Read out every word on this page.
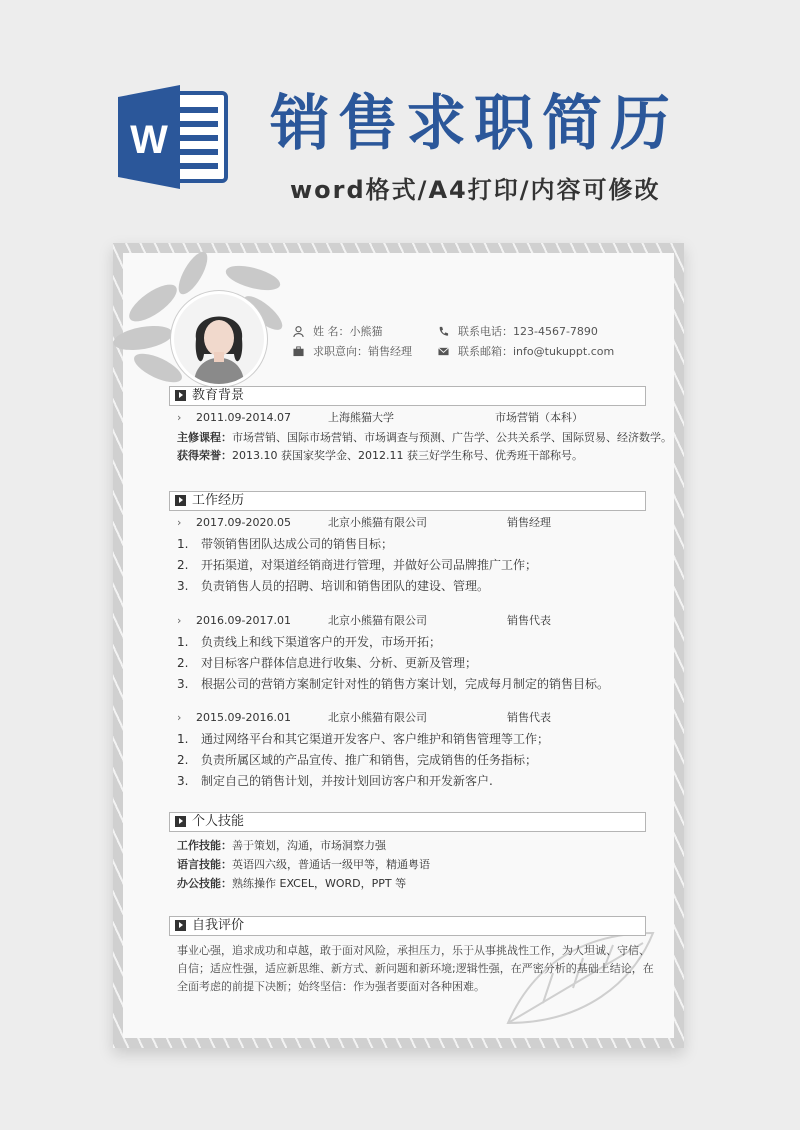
W 销售求职简历
word格式/A4打印/内容可修改
姓 名：小熊猫
求职意向：销售经理
联系电话：123-4567-7890
联系邮箱：info@tukuppt.com
教育背景
› 2011.09-2014.07	上海熊猫大学	市场营销（本科）
主修课程：市场营销、国际市场营销、市场调查与预测、广告学、公共关系学、国际贸易、经济数学。
获得荣誉：2013.10 获国家奖学金、2012.11 获三好学生称号、优秀班干部称号。
工作经历
› 2017.09-2020.05	北京小熊猫有限公司	销售经理
1. 带领销售团队达成公司的销售目标；
2. 开拓渠道，对渠道经销商进行管理，并做好公司品牌推广工作；
3. 负责销售人员的招聘、培训和销售团队的建设、管理。
› 2016.09-2017.01	北京小熊猫有限公司	销售代表
1. 负责线上和线下渠道客户的开发，市场开拓；
2. 对目标客户群体信息进行收集、分析、更新及管理；
3. 根据公司的营销方案制定针对性的销售方案计划，完成每月制定的销售目标。
› 2015.09-2016.01	北京小熊猫有限公司	销售代表
1. 通过网络平台和其它渠道开发客户、客户维护和销售管理等工作；
2. 负责所属区域的产品宣传、推广和销售，完成销售的任务指标；
3. 制定自己的销售计划，并按计划回访客户和开发新客户.
个人技能
工作技能：善于策划，沟通，市场洞察力强
语言技能：英语四六级，普通话一级甲等，精通粤语
办公技能：熟练操作 EXCEL，WORD，PPT 等
自我评价
事业心强，追求成功和卓越，敢于面对风险，承担压力，乐于从事挑战性工作，为人坦诚、守信、自信；适应性强，适应新思维、新方式、新问题和新环境;逻辑性强，在严密分析的基础上结论，在全面考虑的前提下决断；始终坚信：作为强者要面对各种困难。
